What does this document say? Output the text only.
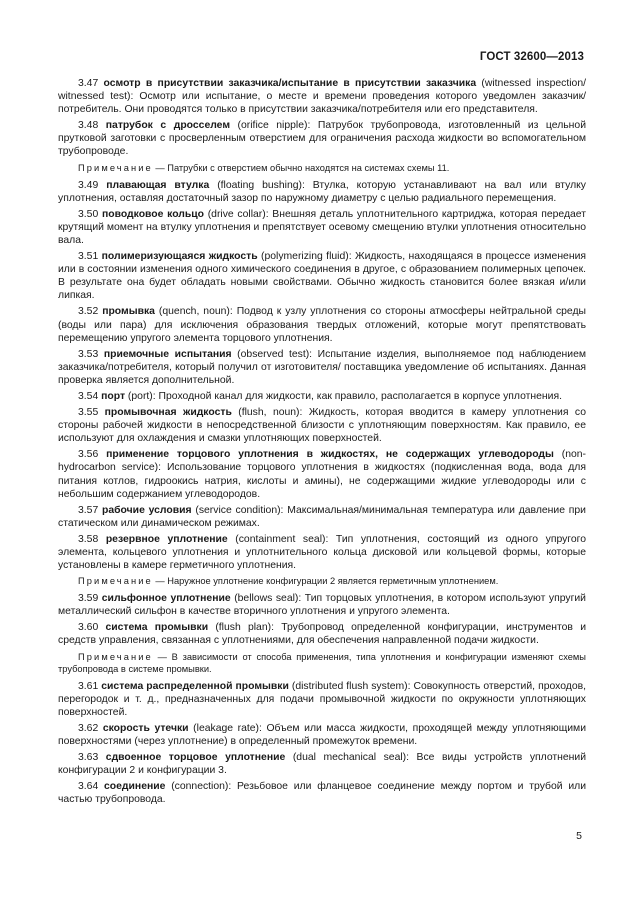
ГОСТ 32600—2013

3.47 осмотр в присутствии заказчика/испытание в присутствии заказчика (witnessed inspection/ witnessed test): Осмотр или испытание, о месте и времени проведения которого уведомлен заказчик/потребитель. Они проводятся только в присутствии заказчика/потребителя или его представителя.

3.48 патрубок с дросселем (orifice nipple): Патрубок трубопровода, изготовленный из цельной прутковой заготовки с просверленным отверстием для ограничения расхода жидкости во вспомогательном трубопроводе.

Примечание — Патрубки с отверстием обычно находятся на системах схемы 11.

3.49 плавающая втулка (floating bushing): Втулка, которую устанавливают на вал или втулку уплотнения, оставляя достаточный зазор по наружному диаметру с целью радиального перемещения.

3.50 поводковое кольцо (drive collar): Внешняя деталь уплотнительного картриджа, которая передает крутящий момент на втулку уплотнения и препятствует осевому смещению втулки уплотнения относительно вала.

3.51 полимеризующаяся жидкость (polymerizing fluid): Жидкость, находящаяся в процессе изменения или в состоянии изменения одного химического соединения в другое, с образованием полимерных цепочек. В результате она будет обладать новыми свойствами. Обычно жидкость становится более вязкая и/или липкая.

3.52 промывка (quench, noun): Подвод к узлу уплотнения со стороны атмосферы нейтральной среды (воды или пара) для исключения образования твердых отложений, которые могут препятствовать перемещению упругого элемента торцового уплотнения.

3.53 приемочные испытания (observed test): Испытание изделия, выполняемое под наблюдением заказчика/потребителя, который получил от изготовителя/ поставщика уведомление об испытаниях. Данная проверка является дополнительной.

3.54 порт (port): Проходной канал для жидкости, как правило, располагается в корпусе уплотнения.

3.55 промывочная жидкость (flush, noun): Жидкость, которая вводится в камеру уплотнения со стороны рабочей жидкости в непосредственной близости с уплотняющим поверхностям. Как правило, ее используют для охлаждения и смазки уплотняющих поверхностей.

3.56 применение торцового уплотнения в жидкостях, не содержащих углеводороды (non-hydrocarbon service): Использование торцового уплотнения в жидкостях (подкисленная вода, вода для питания котлов, гидроокись натрия, кислоты и амины), не содержащими жидкие углеводороды или с небольшим содержанием углеводородов.

3.57 рабочие условия (service condition): Максимальная/минимальная температура или давление при статическом или динамическом режимах.

3.58 резервное уплотнение (containment seal): Тип уплотнения, состоящий из одного упругого элемента, кольцевого уплотнения и уплотнительного кольца дисковой или кольцевой формы, которые установлены в камере герметичного уплотнения.

Примечание — Наружное уплотнение конфигурации 2 является герметичным уплотнением.

3.59 сильфонное уплотнение (bellows seal): Тип торцовых уплотнения, в котором используют упругий металлический сильфон в качестве вторичного уплотнения и упругого элемента.

3.60 система промывки (flush plan): Трубопровод определенной конфигурации, инструментов и средств управления, связанная с уплотнениями, для обеспечения направленной подачи жидкости.

Примечание — В зависимости от способа применения, типа уплотнения и конфигурации изменяют схемы трубопровода в системе промывки.

3.61 система распределенной промывки (distributed flush system): Совокупность отверстий, проходов, перегородок и т. д., предназначенных для подачи промывочной жидкости по окружности уплотняющих поверхностей.

3.62 скорость утечки (leakage rate): Объем или масса жидкости, проходящей между уплотняющими поверхностями (через уплотнение) в определенный промежуток времени.

3.63 сдвоенное торцовое уплотнение (dual mechanical seal): Все виды устройств уплотнений конфигурации 2 и конфигурации 3.

3.64 соединение (connection): Резьбовое или фланцевое соединение между портом и трубой или частью трубопровода.

5
